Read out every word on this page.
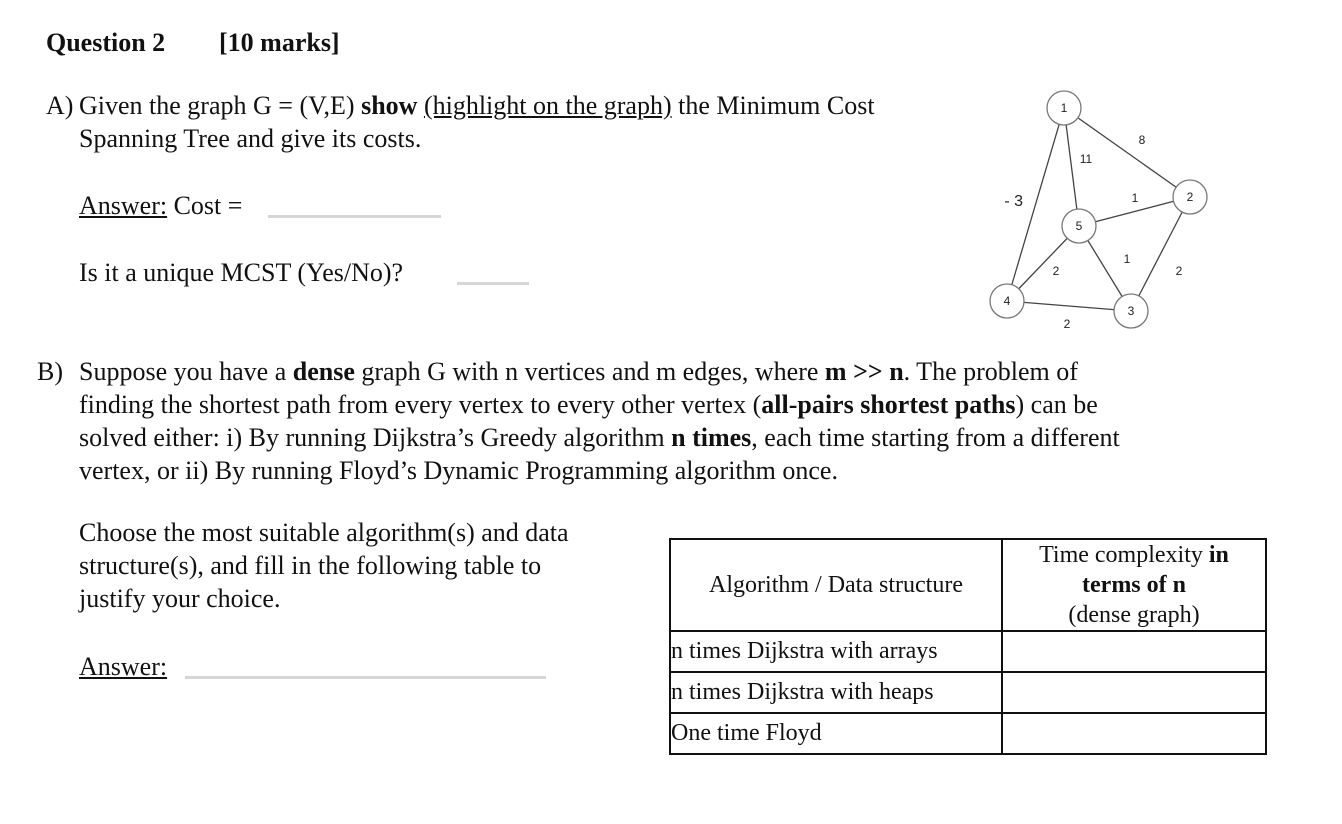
Question 2 [10 marks]
A) Given the graph G = (V,E) show (highlight on the graph) the Minimum Cost
Spanning Tree and give its costs.
Answer: Cost =
Is it a unique MCST (Yes/No)?
1
2
- 3
4
5
3
8
11
1
2
1
2
2
B) Suppose you have a dense graph G with n vertices and m edges, where m >> n. The problem of
finding the shortest path from every vertex to every other vertex (all-pairs shortest paths) can be
solved either: i) By running Dijkstra’s Greedy algorithm n times, each time starting from a different
vertex, or ii) By running Floyd’s Dynamic Programming algorithm once.
Choose the most suitable algorithm(s) and data
structure(s), and fill in the following table to
justify your choice.
Answer:
Algorithm / Data structure	Time complexity in
terms of n
(dense graph)
n times Dijkstra with arrays	
n times Dijkstra with heaps	
One time Floyd	
